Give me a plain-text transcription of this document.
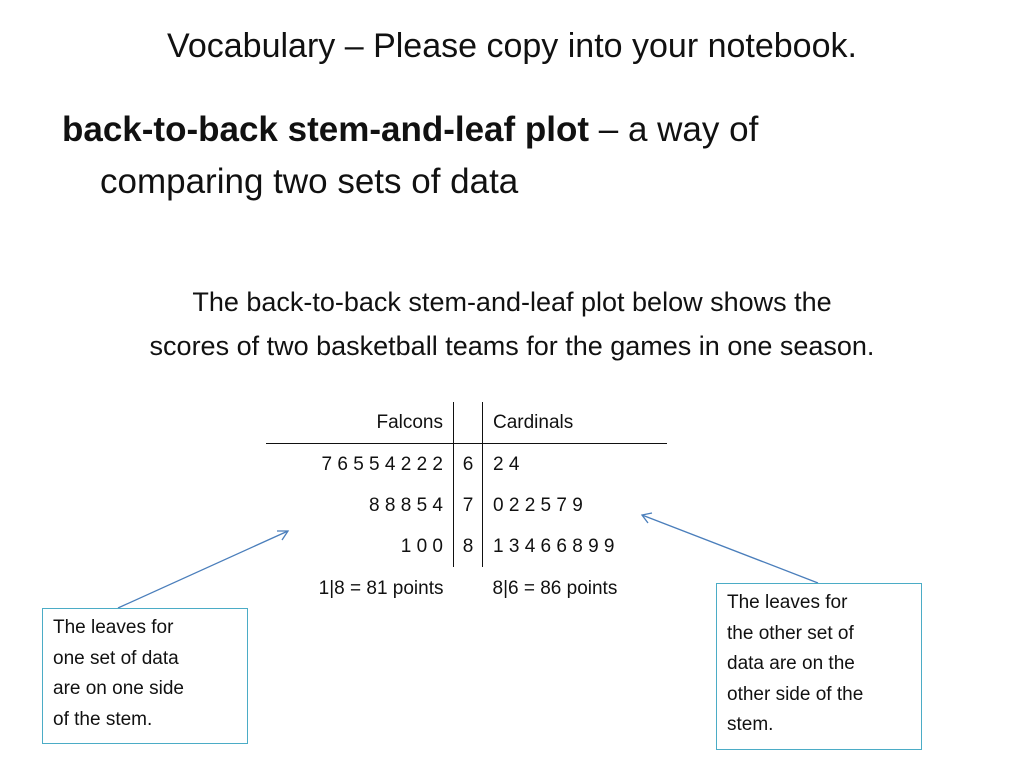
Vocabulary – Please copy into your notebook.
back-to-back stem-and-leaf plot – a way of
comparing two sets of data
The back-to-back stem-and-leaf plot below shows the
scores of two basketball teams for the games in one season.
Falcons		Cardinals
7 6 5 5 4 2 2 2	6	2 4
8 8 8 5 4	7	0 2 2 5 7 9
1 0 0	8	1 3 4 6 6 8 9 9
1|8 = 81 points		8|6 = 86 points
The leaves for
one set of data
are on one side
of the stem.
The leaves for
the other set of
data are on the
other side of the
stem.
